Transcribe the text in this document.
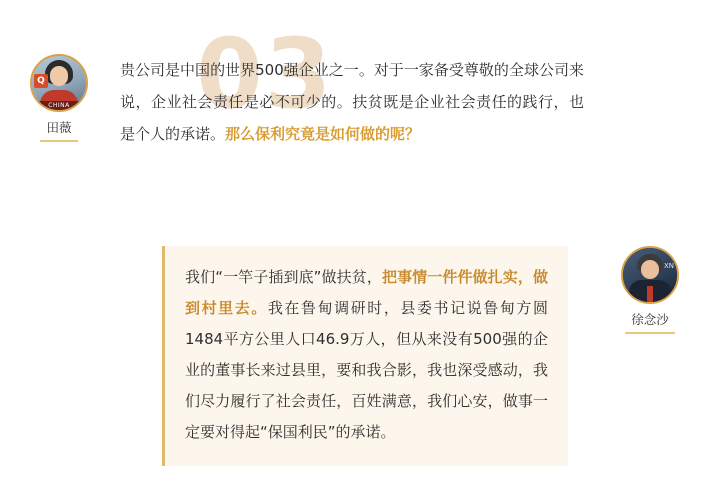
03
Q
CHINA
田薇
贵公司是中国的世界500强企业之一。对于一家备受尊敬的全球公司来说，企业社会责任是必不可少的。扶贫既是企业社会责任的践行，也是个人的承诺。那么保利究竟是如何做的呢？
我们“一竿子插到底”做扶贫，把事情一件件做扎实，做到村里去。我在鲁甸调研时，县委书记说鲁甸方圆1484平方公里人口46.9万人，但从来没有500强的企业的董事长来过县里，要和我合影，我也深受感动，我们尽力履行了社会责任，百姓满意，我们心安，做事一定要对得起“保国利民”的承诺。
XN
徐念沙
